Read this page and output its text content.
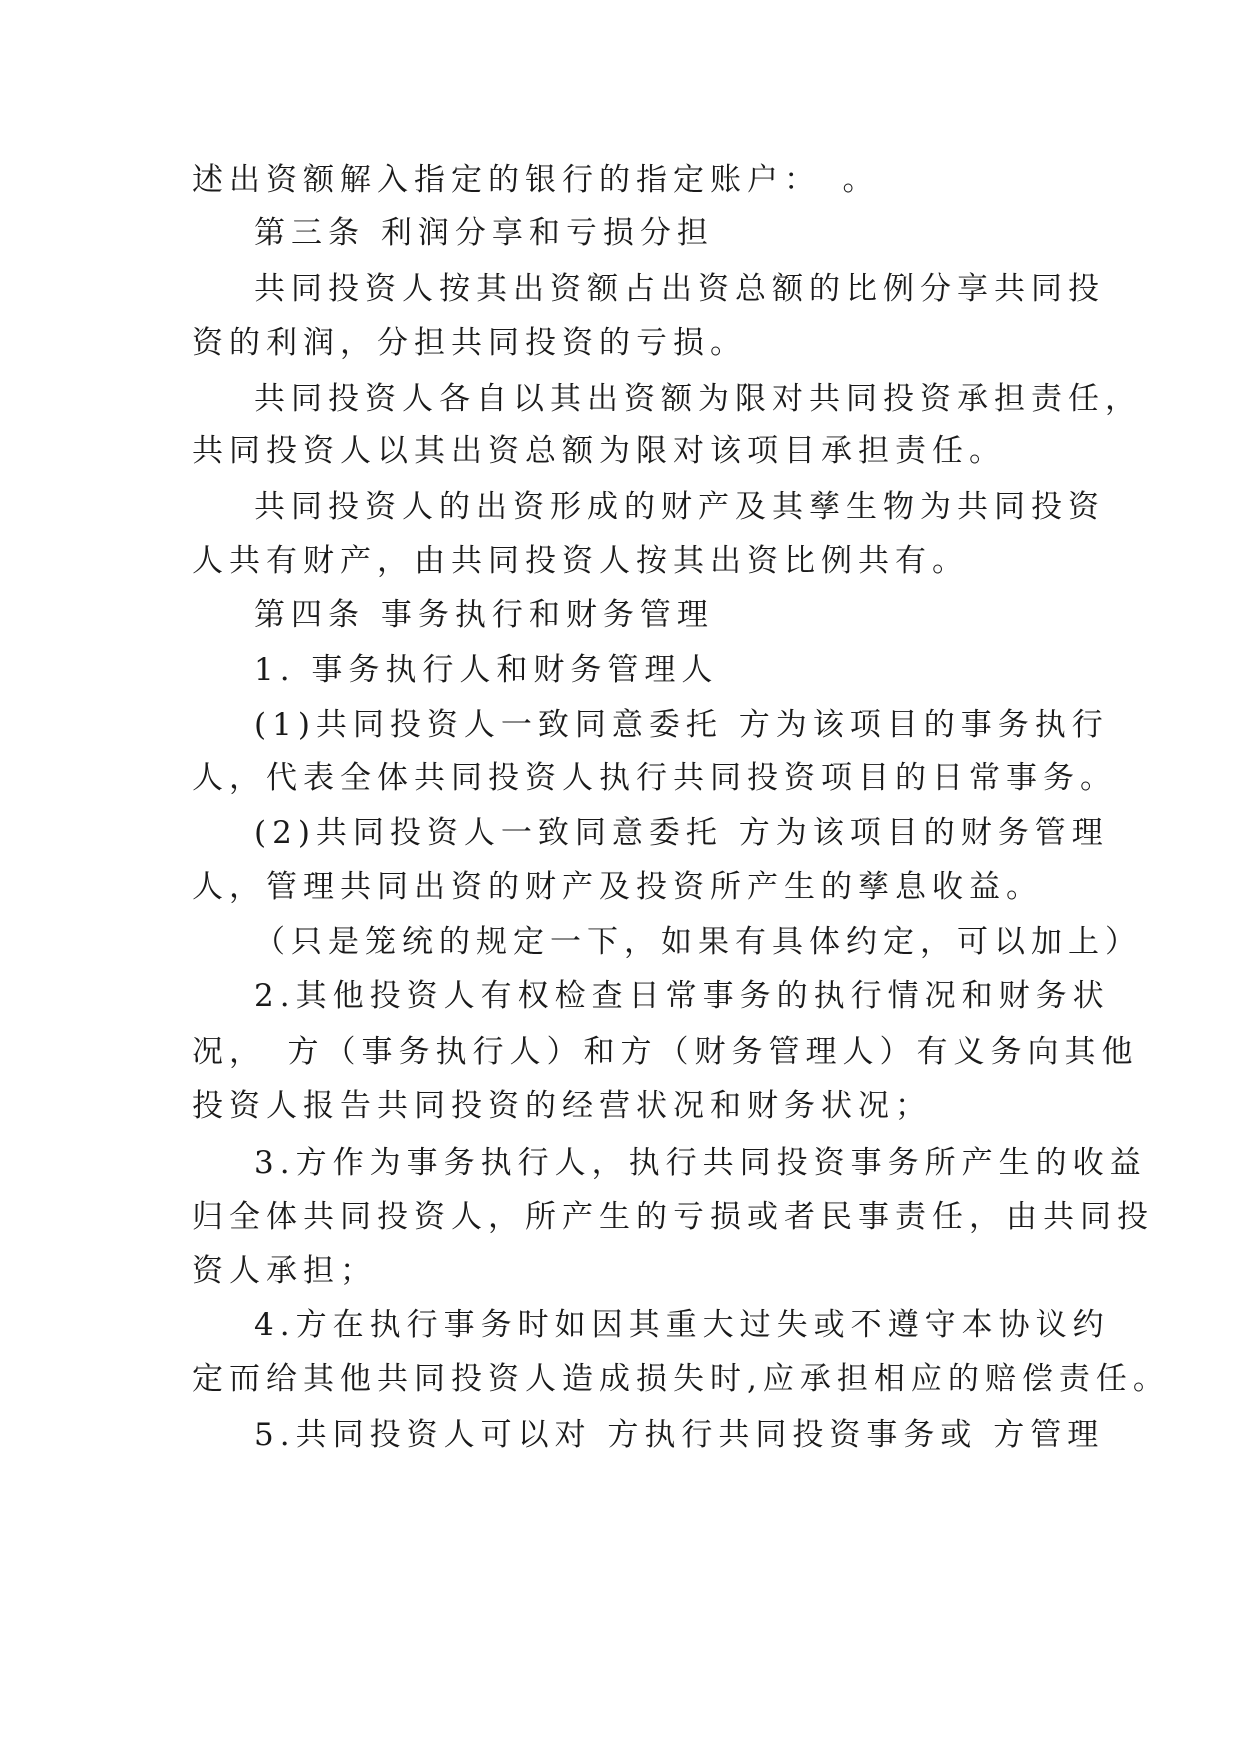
述出资额解入指定的银行的指定账户：　。
第三条 利润分享和亏损分担
共同投资人按其出资额占出资总额的比例分享共同投
资的利润，分担共同投资的亏损。
共同投资人各自以其出资额为限对共同投资承担责任，
共同投资人以其出资总额为限对该项目承担责任。
共同投资人的出资形成的财产及其孳生物为共同投资
人共有财产，由共同投资人按其出资比例共有。
第四条 事务执行和财务管理
1. 事务执行人和财务管理人
(1)共同投资人一致同意委托 方为该项目的事务执行
人，代表全体共同投资人执行共同投资项目的日常事务。
(2)共同投资人一致同意委托 方为该项目的财务管理
人，管理共同出资的财产及投资所产生的孳息收益。
（只是笼统的规定一下，如果有具体约定，可以加上）
2.其他投资人有权检查日常事务的执行情况和财务状
况，　方（事务执行人）和方（财务管理人）有义务向其他
投资人报告共同投资的经营状况和财务状况；
3.方作为事务执行人，执行共同投资事务所产生的收益
归全体共同投资人，所产生的亏损或者民事责任，由共同投
资人承担；
4.方在执行事务时如因其重大过失或不遵守本协议约
定而给其他共同投资人造成损失时,应承担相应的赔偿责任。
5.共同投资人可以对 方执行共同投资事务或 方管理
